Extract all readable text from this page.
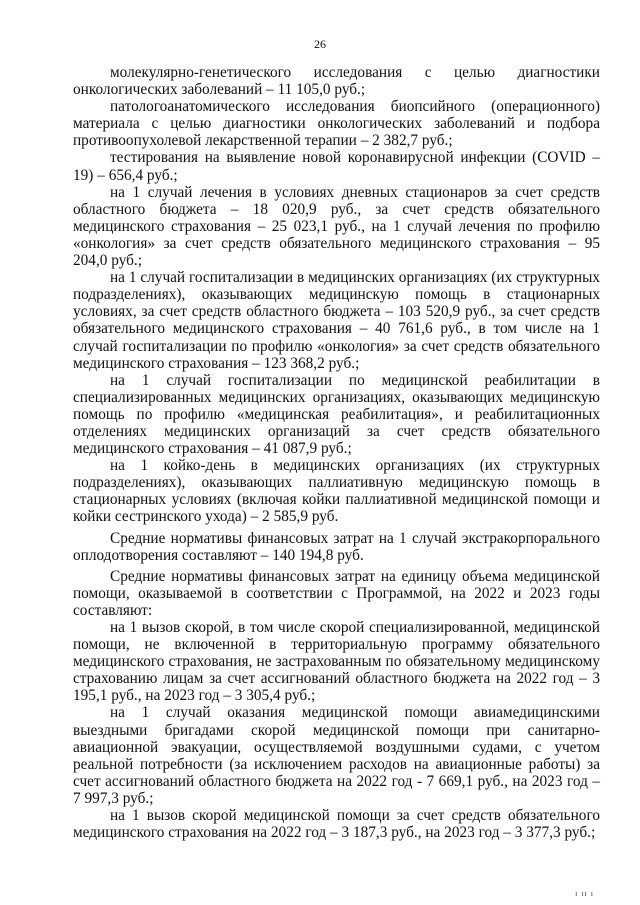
26

молекулярно-генетического исследования с целью диагностики онкологических заболеваний – 11 105,0 руб.;

патологоанатомического исследования биопсийного (операционного) материала с целью диагностики онкологических заболеваний и подбора противоопухолевой лекарственной терапии – 2 382,7 руб.;

тестирования на выявление новой коронавирусной инфекции (COVID – 19) – 656,4 руб.;

на 1 случай лечения в условиях дневных стационаров за счет средств областного бюджета – 18 020,9 руб., за счет средств обязательного медицинского страхования – 25 023,1 руб., на 1 случай лечения по профилю «онкология» за счет средств обязательного медицинского страхования – 95 204,0 руб.;

на 1 случай госпитализации в медицинских организациях (их структурных подразделениях), оказывающих медицинскую помощь в стационарных условиях, за счет средств областного бюджета – 103 520,9 руб., за счет средств обязательного медицинского страхования – 40 761,6 руб., в том числе на 1 случай госпитализации по профилю «онкология» за счет средств обязательного медицинского страхования – 123 368,2 руб.;

на 1 случай госпитализации по медицинской реабилитации в специализированных медицинских организациях, оказывающих медицинскую помощь по профилю «медицинская реабилитация», и реабилитационных отделениях медицинских организаций за счет средств обязательного медицинского страхования – 41 087,9 руб.;

на 1 койко-день в медицинских организациях (их структурных подразделениях), оказывающих паллиативную медицинскую помощь в стационарных условиях (включая койки паллиативной медицинской помощи и койки сестринского ухода) – 2 585,9 руб.

Средние нормативы финансовых затрат на 1 случай экстракорпорального оплодотворения составляют – 140 194,8 руб.

Средние нормативы финансовых затрат на единицу объема медицинской помощи, оказываемой в соответствии с Программой, на 2022 и 2023 годы составляют:

на 1 вызов скорой, в том числе скорой специализированной, медицинской помощи, не включенной в территориальную программу обязательного медицинского страхования, не застрахованным по обязательному медицинскому страхованию лицам за счет ассигнований областного бюджета на 2022 год – 3 195,1 руб., на 2023 год – 3 305,4 руб.;

на 1 случай оказания медицинской помощи авиамедицинскими выездными бригадами скорой медицинской помощи при санитарно-авиационной эвакуации, осуществляемой воздушными судами, с учетом реальной потребности (за исключением расходов на авиационные работы) за счет ассигнований областного бюджета на 2022 год - 7 669,1 руб., на 2023 год – 7 997,3 руб.;

на 1 вызов скорой медицинской помощи за счет средств обязательного медицинского страхования на 2022 год – 3 187,3 руб., на 2023 год – 3 377,3 руб.;

ı ıı ı
